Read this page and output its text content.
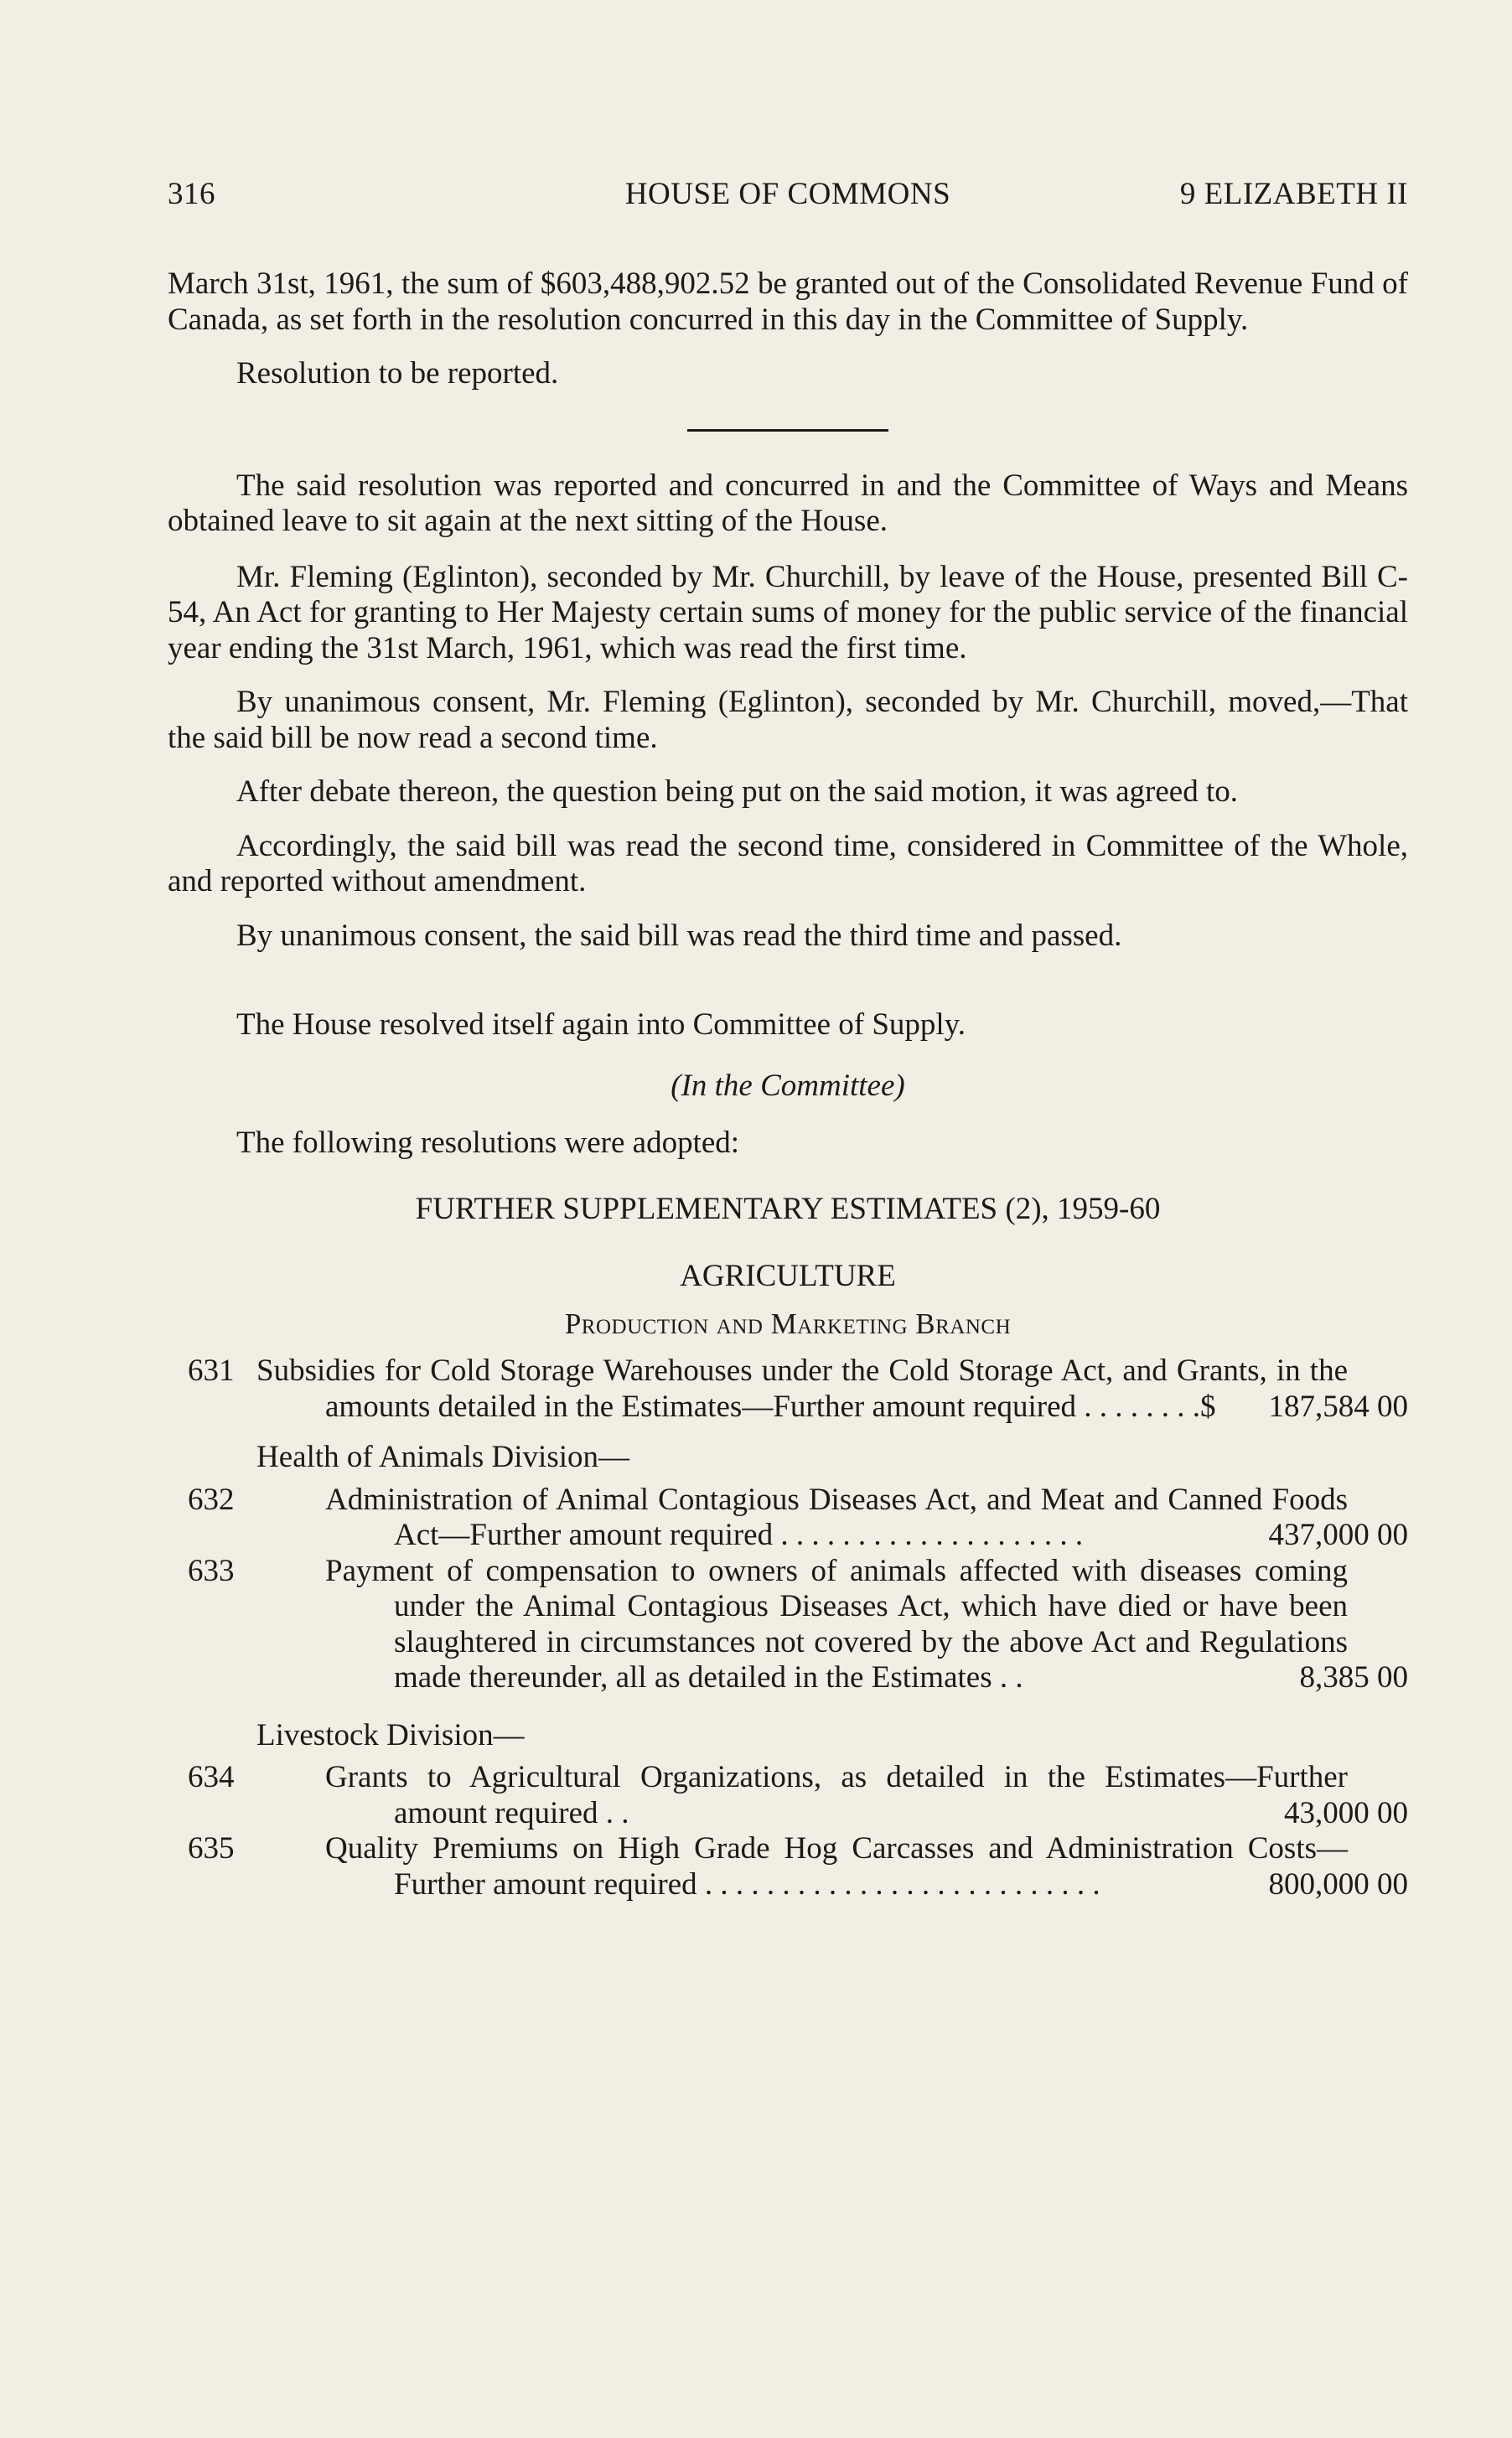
316	HOUSE OF COMMONS	9 ELIZABETH II

March 31st, 1961, the sum of $603,488,902.52 be granted out of the Consolidated Revenue Fund of Canada, as set forth in the resolution concurred in this day in the Committee of Supply.

Resolution to be reported.

The said resolution was reported and concurred in and the Committee of Ways and Means obtained leave to sit again at the next sitting of the House.

Mr. Fleming (Eglinton), seconded by Mr. Churchill, by leave of the House, presented Bill C-54, An Act for granting to Her Majesty certain sums of money for the public service of the financial year ending the 31st March, 1961, which was read the first time.

By unanimous consent, Mr. Fleming (Eglinton), seconded by Mr. Churchill, moved,—That the said bill be now read a second time.

After debate thereon, the question being put on the said motion, it was agreed to.

Accordingly, the said bill was read the second time, considered in Committee of the Whole, and reported without amendment.

By unanimous consent, the said bill was read the third time and passed.

The House resolved itself again into Committee of Supply.

(In the Committee)

The following resolutions were adopted:

FURTHER SUPPLEMENTARY ESTIMATES (2), 1959-60

AGRICULTURE

Production and Marketing Branch

631 Subsidies for Cold Storage Warehouses under the Cold Storage Act, and Grants, in the amounts detailed in the Estimates—Further amount required . . . . . . . .$	187,584 00
Health of Animals Division—
632	Administration of Animal Contagious Diseases Act, and Meat and Canned Foods Act—Further amount required . . . . . . . . . . . . . . . . . . . .	437,000 00
633	Payment of compensation to owners of animals affected with diseases coming under the Animal Contagious Diseases Act, which have died or have been slaughtered in circumstances not covered by the above Act and Regulations made thereunder, all as detailed in the Estimates . .	8,385 00
Livestock Division—
634	Grants to Agricultural Organizations, as detailed in the Estimates—Further amount required . .	43,000 00
635	Quality Premiums on High Grade Hog Carcasses and Administration Costs—Further amount required . . . . . . . . . . . . . . . . . . . . . . . . . .	800,000 00
